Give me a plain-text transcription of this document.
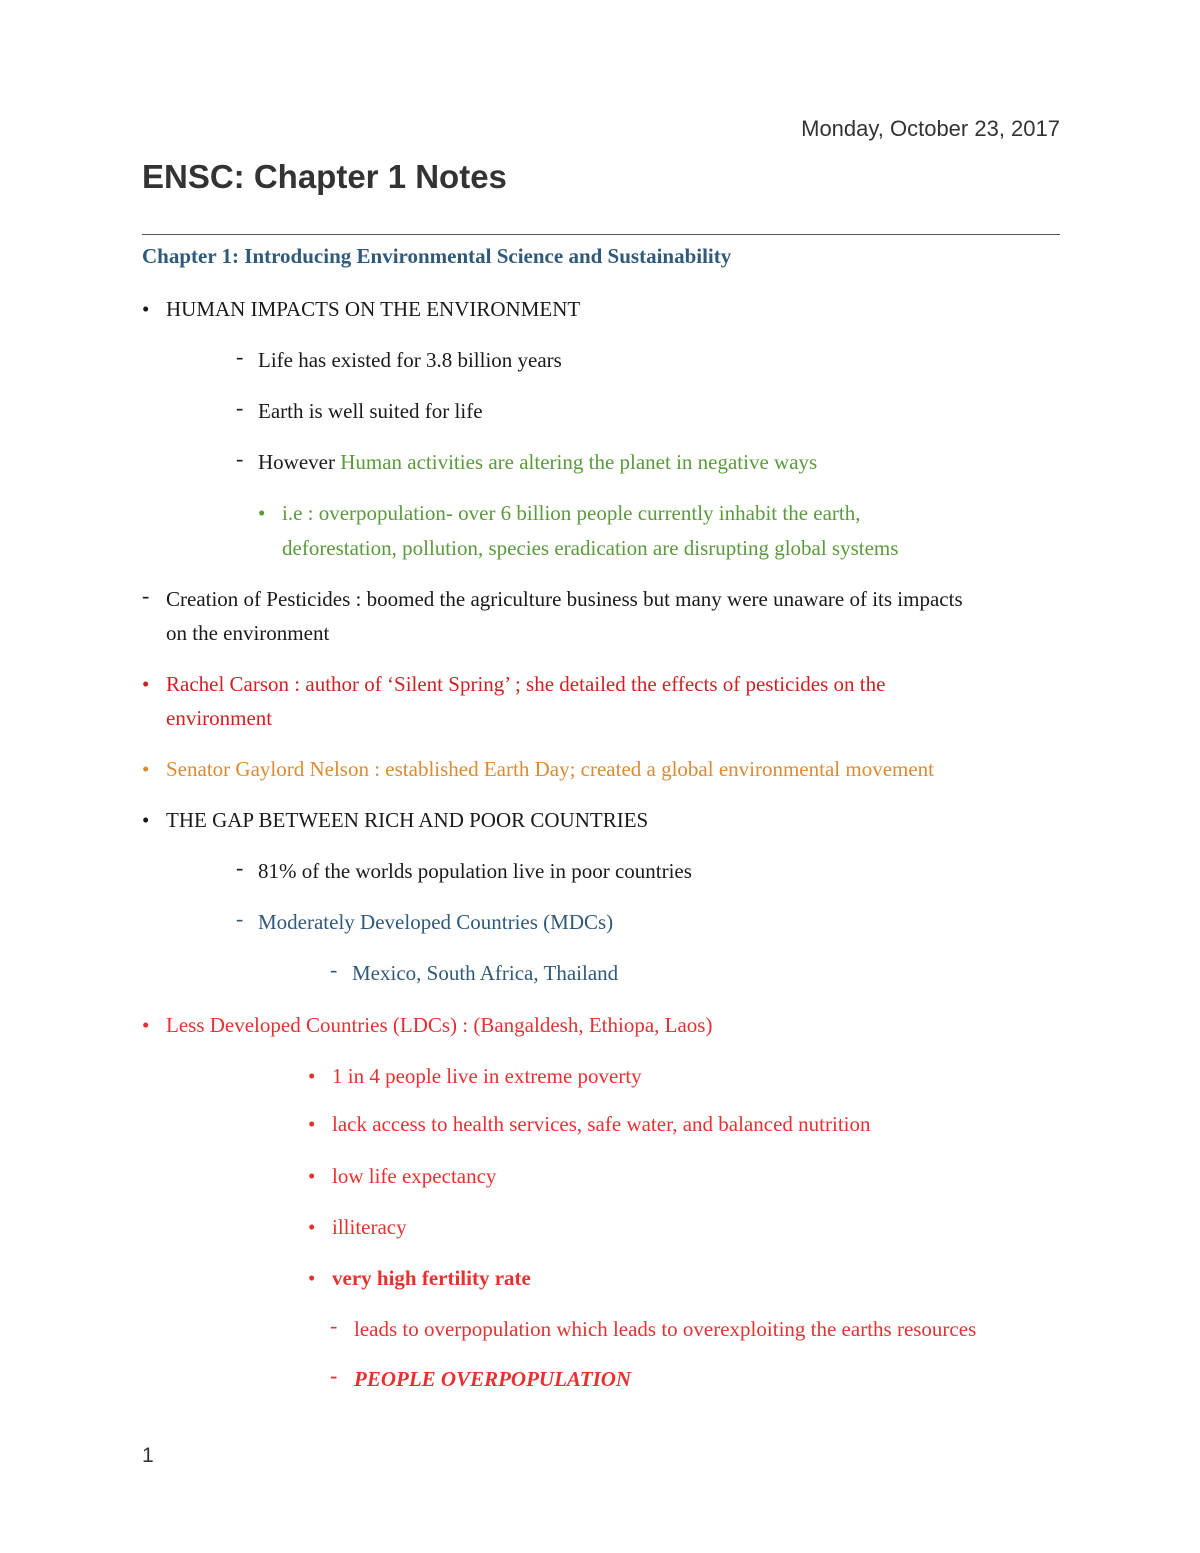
Monday, October 23, 2017
ENSC: Chapter 1 Notes
Chapter 1: Introducing Environmental Science and Sustainability
• HUMAN IMPACTS ON THE ENVIRONMENT
- Life has existed for 3.8 billion years
- Earth is well suited for life
- However Human activities are altering the planet in negative ways
• i.e : overpopulation- over 6 billion people currently inhabit the earth,
deforestation, pollution, species eradication are disrupting global systems
- Creation of Pesticides : boomed the agriculture business but many were unaware of its impacts
on the environment
• Rachel Carson : author of ‘Silent Spring’ ; she detailed the effects of pesticides on the
environment
• Senator Gaylord Nelson : established Earth Day; created a global environmental movement
• THE GAP BETWEEN RICH AND POOR COUNTRIES
- 81% of the worlds population live in poor countries
- Moderately Developed Countries (MDCs)
- Mexico, South Africa, Thailand
• Less Developed Countries (LDCs) : (Bangaldesh, Ethiopa, Laos)
• 1 in 4 people live in extreme poverty
• lack access to health services, safe water, and balanced nutrition
• low life expectancy
• illiteracy
• very high fertility rate
- leads to overpopulation which leads to overexploiting the earths resources
- PEOPLE OVERPOPULATION
1
